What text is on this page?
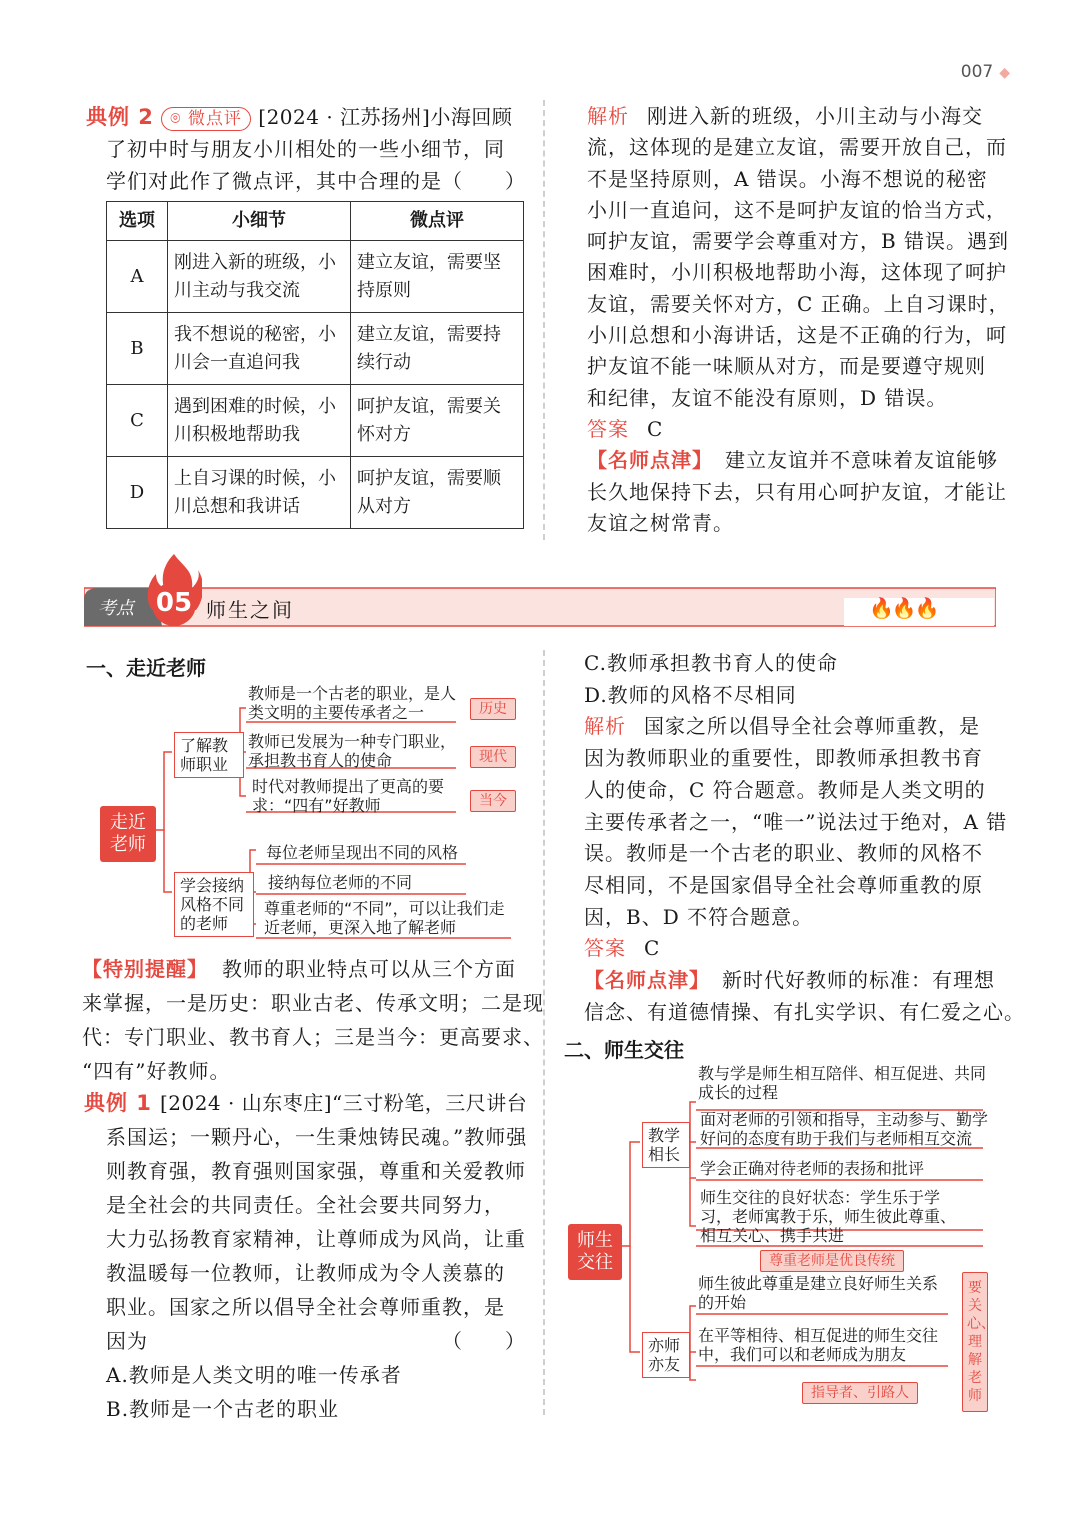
007 ◆
典例 2 ⌾ 微点评 [2024 · 江苏扬州]小海回顾
了初中时与朋友小川相处的一些小细节，同
学们对此作了微点评，其中合理的是 （　　）
选项	小细节	微点评
A	刚进入新的班级，小川主动与我交流	建立友谊，需要坚持原则
B	我不想说的秘密，小川会一直追问我	建立友谊，需要持续行动
C	遇到困难的时候，小川积极地帮助我	呵护友谊，需要关怀对方
D	上自习课的时候，小川总想和我讲话	呵护友谊，需要顺从对方
解析 刚进入新的班级，小川主动与小海交
流，这体现的是建立友谊，需要开放自己，而
不是坚持原则，A 错误。小海不想说的秘密
小川一直追问，这不是呵护友谊的恰当方式，
呵护友谊，需要学会尊重对方，B 错误。遇到
困难时，小川积极地帮助小海，这体现了呵护
友谊，需要关怀对方，C 正确。上自习课时，
小川总想和小海讲话，这是不正确的行为，呵
护友谊不能一味顺从对方，而是要遵守规则
和纪律，友谊不能没有原则，D 错误。
答案 C
【名师点津】 建立友谊并不意味着友谊能够
长久地保持下去，只有用心呵护友谊，才能让
友谊之树常青。
考点 05 师生之间	🔥🔥🔥
一、走近老师
走近老师
了解教师职业
学会接纳风格不同的老师
教师是一个古老的职业，是人类文明的主要传承者之一	历史
教师已发展为一种专门职业，承担教书育人的使命	现代
时代对教师提出了更高的要求：“四有”好教师	当今
每位老师呈现出不同的风格
接纳每位老师的不同
尊重老师的“不同”，可以让我们走近老师，更深入地了解老师
【特别提醒】 教师的职业特点可以从三个方面
来掌握，一是历史：职业古老、传承文明；二是现
代：专门职业、教书育人；三是当今：更高要求、
“四有”好教师。
典例 1 [2024 · 山东枣庄]“三寸粉笔，三尺讲台
系国运；一颗丹心，一生秉烛铸民魂。”教师强
则教育强，教育强则国家强，尊重和关爱教师
是全社会的共同责任。全社会要共同努力，
大力弘扬教育家精神，让尊师成为风尚，让重
教温暖每一位教师，让教师成为令人羡慕的
职业。国家之所以倡导全社会尊师重教，是
因为	（　　）
A.教师是人类文明的唯一传承者
B.教师是一个古老的职业
C.教师承担教书育人的使命
D.教师的风格不尽相同
解析 国家之所以倡导全社会尊师重教，是
因为教师职业的重要性，即教师承担教书育
人的使命，C 符合题意。教师是人类文明的
主要传承者之一，“唯一”说法过于绝对，A 错
误。教师是一个古老的职业、教师的风格不
尽相同，不是国家倡导全社会尊师重教的原
因，B、D 不符合题意。
答案 C
【名师点津】 新时代好教师的标准：有理想
信念、有道德情操、有扎实学识、有仁爱之心。
二、师生交往
师生交往
教学相长
亦师亦友
教与学是师生相互陪伴、相互促进、共同成长的过程
面对老师的引领和指导，主动参与、勤学好问的态度有助于我们与老师相互交流
学会正确对待老师的表扬和批评
师生交往的良好状态：学生乐于学习，老师寓教于乐，师生彼此尊重、相互关心、携手共进
尊重老师是优良传统
师生彼此尊重是建立良好师生关系的开始
在平等相待、相互促进的师生交往中，我们可以和老师成为朋友
指导者、引路人
要关心、理解老师
